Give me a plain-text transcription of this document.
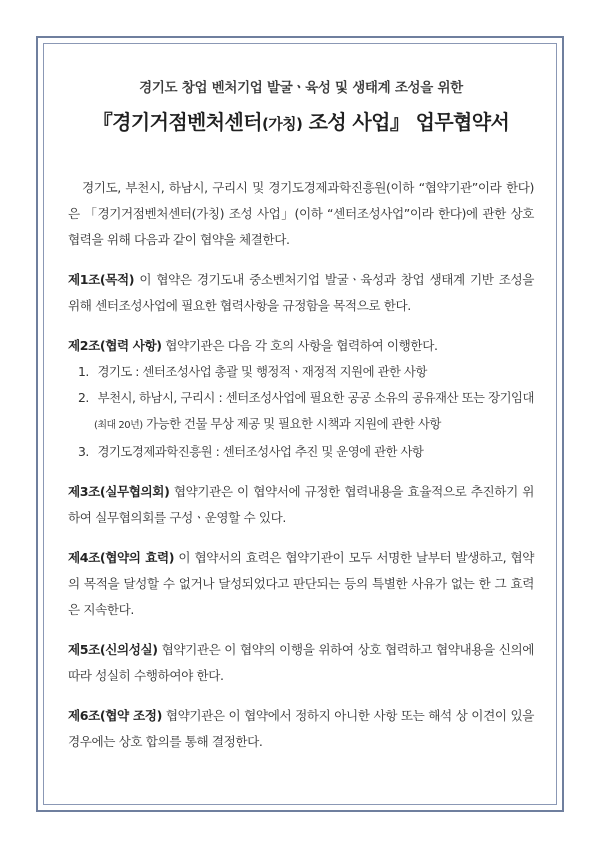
경기도 창업 벤처기업 발굴ㆍ육성 및 생태계 조성을 위한
『경기거점벤처센터(가칭) 조성 사업』 업무협약서
경기도, 부천시, 하남시, 구리시 및 경기도경제과학진흥원(이하 “협약기관”이라 한다)은 「경기거점벤처센터(가칭) 조성 사업」(이하 “센터조성사업”이라 한다)에 관한 상호 협력을 위해 다음과 같이 협약을 체결한다.
제1조(목적) 이 협약은 경기도내 중소벤처기업 발굴ㆍ육성과 창업 생태계 기반 조성을 위해 센터조성사업에 필요한 협력사항을 규정함을 목적으로 한다.
제2조(협력 사항) 협약기관은 다음 각 호의 사항을 협력하여 이행한다.
1. 경기도 : 센터조성사업 총괄 및 행정적ㆍ재정적 지원에 관한 사항
2. 부천시, 하남시, 구리시 : 센터조성사업에 필요한 공공 소유의 공유재산 또는 장기임대(최대 20년) 가능한 건물 무상 제공 및 필요한 시책과 지원에 관한 사항
3. 경기도경제과학진흥원 : 센터조성사업 추진 및 운영에 관한 사항
제3조(실무협의회) 협약기관은 이 협약서에 규정한 협력내용을 효율적으로 추진하기 위하여 실무협의회를 구성ㆍ운영할 수 있다.
제4조(협약의 효력) 이 협약서의 효력은 협약기관이 모두 서명한 날부터 발생하고, 협약의 목적을 달성할 수 없거나 달성되었다고 판단되는 등의 특별한 사유가 없는 한 그 효력은 지속한다.
제5조(신의성실) 협약기관은 이 협약의 이행을 위하여 상호 협력하고 협약내용을 신의에 따라 성실히 수행하여야 한다.
제6조(협약 조정) 협약기관은 이 협약에서 정하지 아니한 사항 또는 해석 상 이견이 있을 경우에는 상호 합의를 통해 결정한다.
